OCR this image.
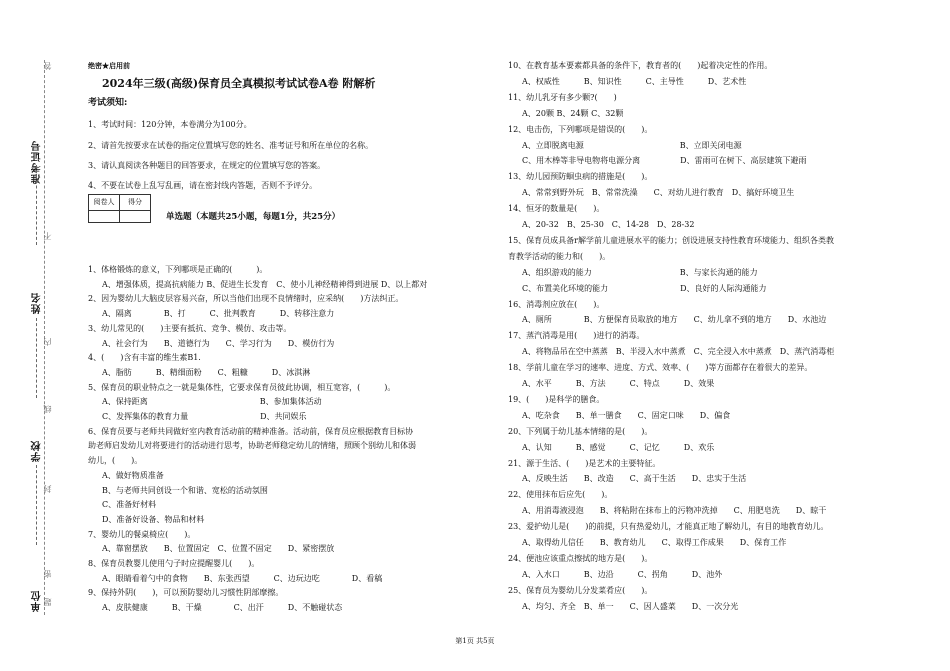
准考证号
姓名
学校
单位
答
不
内
线
封
密
题
绝密★启用前
2024年三级(高级)保育员全真模拟考试试卷A卷 附解析
考试须知:
1、考试时间：120分钟，本卷满分为100分。
2、请首先按要求在试卷的指定位置填写您的姓名、准考证号和所在单位的名称。
3、请认真阅读各种题目的回答要求，在规定的位置填写您的答案。
4、不要在试卷上乱写乱画，请在密封线内答题，否则不予评分。
阅卷人	得分

单选题（本题共25小题，每题1分，共25分）
1、体格锻炼的意义，下列哪项是正确的(　　　)。
A、增强体质，提高抗病能力 B、促进生长发育　C、使小儿神经精神得到进展 D、以上都对
2、因为婴幼儿大脑皮层容易兴奋，所以当他们出现不良情绪时，应采纳(　　)方法纠正。
A、隔离　　　　B、打　　　C、批判教育　　　D、转移注意力
3、幼儿常见的(　　)主要有抵抗、竞争、模仿、攻击等。
A、社会行为　　B、道德行为　　C、学习行为　　D、模仿行为
4、(　　)含有丰富的维生素B1.
A、脂肪　　　B、精细面粉　　C、粗糠　　　D、冰淇淋
5、保育员的职业特点之一就是集体性，它要求保育员彼此协调，相互宽容，(　　　)。
A、保持距离　　　　　　　　　　　　　　B、参加集体活动
C、发挥集体的教育力量　　　　　　　　　D、共同娱乐
6、保育员要与老师共同做好室内教育活动前的精神准备。活动前，保育员应根据教育目标协
助老师启发幼儿对将要进行的活动进行思考，协助老师稳定幼儿的情绪，照顾个别幼儿和体弱
幼儿，(　　)。
A、做好物质准备
B、与老师共同创设一个和谐、宽松的活动氛围
C、准备好材料
D、准备好设备、物品和材料
7、婴幼儿的餐桌椅应(　　)。
A、靠窗摆放　　B、位置固定　C、位置不固定　　D、紧密摆放
8、保育员教婴儿使用勺子时应提醒婴儿(　　)。
A、眼睛看着勺中的食物　　B、东张西望　　　C、边玩边吃　　　　D、看稿
9、保持外阴(　　)，可以预防婴幼儿习惯性阴部摩擦。
A、皮肤健康　　　B、干燥　　　　C、出汗　　　D、不触碰状态
10、在教育基本要素都具备的条件下，教育者的(　　)起着决定性的作用。
A、权威性　　　B、知识性　　　C、主导性　　　D、艺术性
11、幼儿乳牙有多少颗?(　　)
A、20颗 B、24颗 C、32颗
12、电击伤，下列哪项是错误的(　　)。
A、立即脱离电源　　　　　　　　　　　　B、立即关闭电源
C、用木棒等非导电物将电源分离　　　　　D、雷雨可在树下、高层建筑下避雨
13、幼儿园预防蛔虫病的措施是(　　)。
A、常常到野外玩　B、常常洗澡　　C、对幼儿进行教育　D、搞好环境卫生
14、恒牙的数量是(　　)。
A、20-32　B、25-30　C、14-28　D、28-32
15、保育员成具备r解学前儿童进展水平的能力；创设进展支持性教育环境能力、组织各类教
育教学活动的能力和(　　)。
A、组织游戏的能力　　　　　　　　　　　B、与家长沟通的能力
C、布置美化环境的能力　　　　　　　　　D、良好的人际沟通能力
16、消毒剂应放在(　　)。
A、厕所　　　　B、方便保育员取放的地方　　C、幼儿拿不到的地方　　D、水池边
17、蒸汽消毒是用(　　)进行的消毒。
A、将物品吊在空中蒸蒸　B、半浸入水中蒸煮　C、完全浸入水中蒸煮　D、蒸汽消毒柜
18、学前儿童在学习的速率、进度、方式、效率、(　　)等方面都存在着很大的差异。
A、水平　　　B、方法　　　C、特点　　　D、效果
19、(　　)是科学的膳食。
A、吃杂食　　B、单一膳食　　C、固定口味　　D、偏食
20、下列属于幼儿基本情绪的是(　　)。
A、认知　　　B、感觉　　　C、记忆　　　D、欢乐
21、源于生活、(　　)是艺术的主要特征。
A、反映生活　　B、改造　　C、高于生活　　D、忠实于生活
22、使用抹布后应先(　　)。
A、用消毒液浸泡　　B、将粘附在抹布上的污物冲洗掉　　C、用肥皂洗　　D、晾干
23、爱护幼儿是(　　)的前提，只有热爱幼儿，才能真正地了解幼儿，有目的地教育幼儿。
A、取得幼儿信任　　B、教育幼儿　　C、取得工作成果　　D、保育工作
24、便池应该重点擦拭的地方是(　　)。
A、入水口　　　B、边沿　　　C、拐角　　　D、池外
25、保育员为婴幼儿分发菜肴应(　　)。
A、均匀、齐全　B、单一　　C、因人盛菜　　D、一次分光
第1页 共5页
